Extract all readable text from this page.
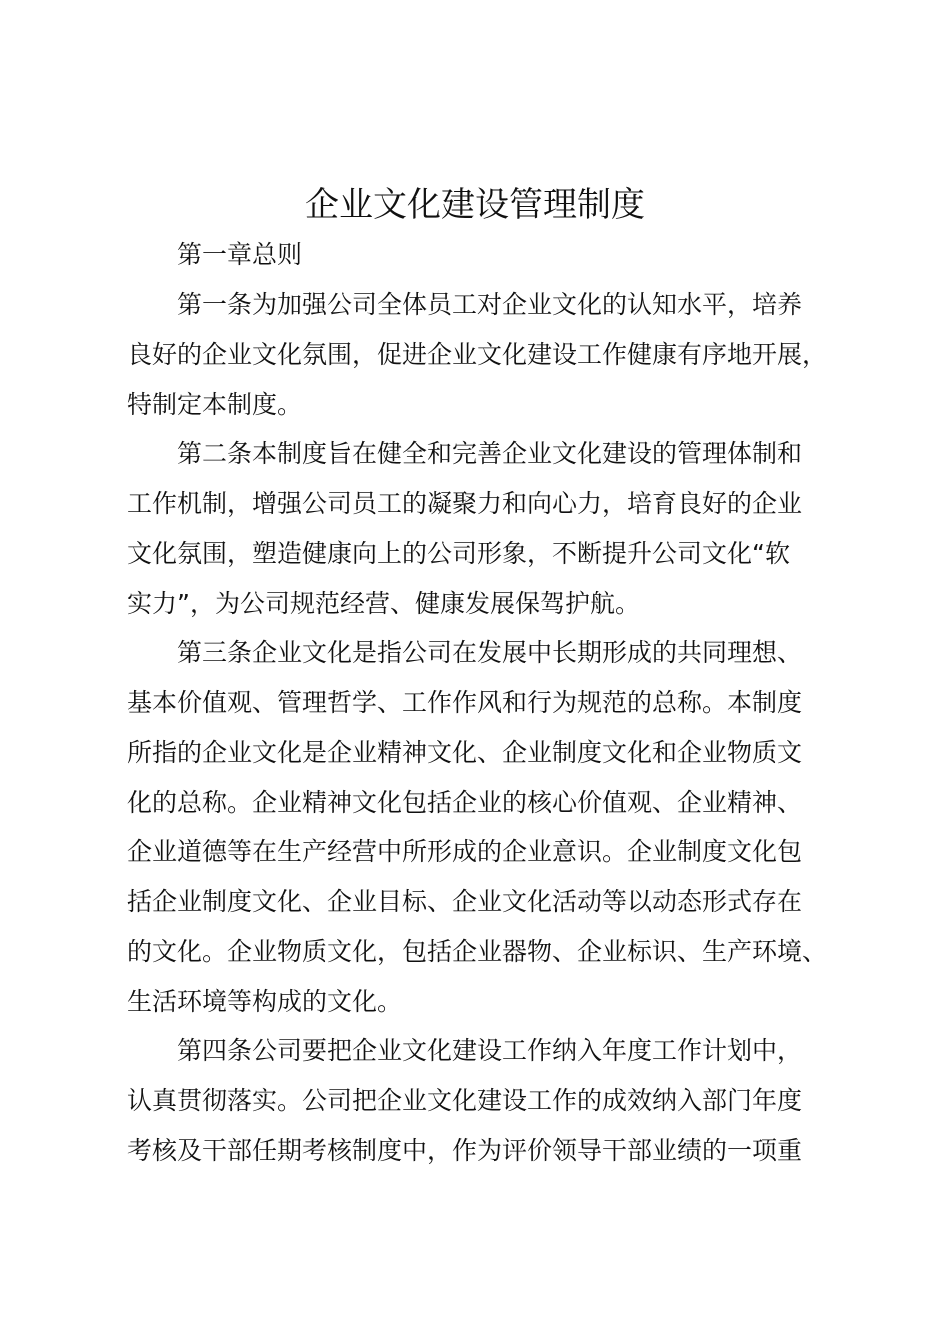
企业文化建设管理制度

第一章总则

第一条为加强公司全体员工对企业文化的认知水平，培养

良好的企业文化氛围，促进企业文化建设工作健康有序地开展，

特制定本制度。

第二条本制度旨在健全和完善企业文化建设的管理体制和

工作机制，增强公司员工的凝聚力和向心力，培育良好的企业

文化氛围，塑造健康向上的公司形象，不断提升公司文化“软

实力”，为公司规范经营、健康发展保驾护航。

第三条企业文化是指公司在发展中长期形成的共同理想、

基本价值观、管理哲学、工作作风和行为规范的总称。本制度

所指的企业文化是企业精神文化、企业制度文化和企业物质文

化的总称。企业精神文化包括企业的核心价值观、企业精神、

企业道德等在生产经营中所形成的企业意识。企业制度文化包

括企业制度文化、企业目标、企业文化活动等以动态形式存在

的文化。企业物质文化，包括企业器物、企业标识、生产环境、

生活环境等构成的文化。

第四条公司要把企业文化建设工作纳入年度工作计划中，

认真贯彻落实。公司把企业文化建设工作的成效纳入部门年度

考核及干部任期考核制度中，作为评价领导干部业绩的一项重
